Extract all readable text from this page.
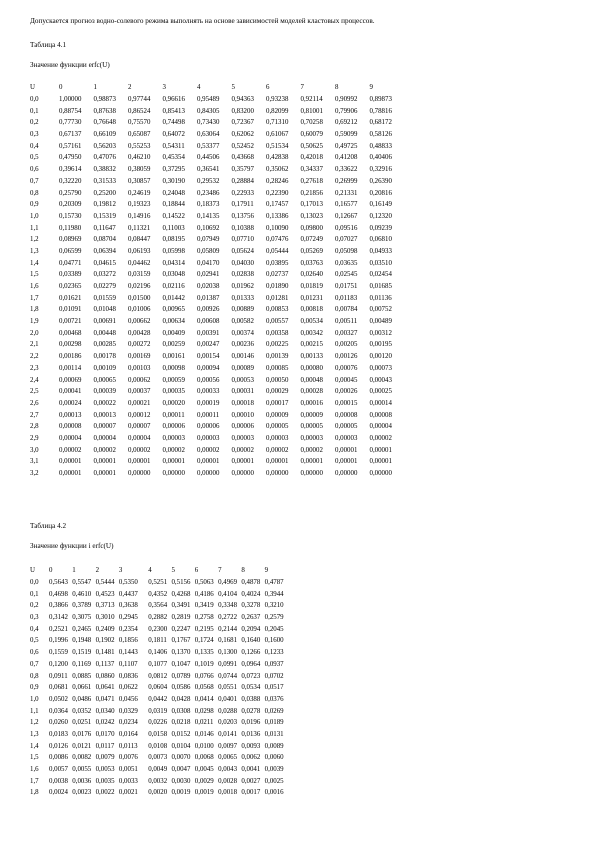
Допускается прогноз водно-солевого режима выполнять на основе зависимостей моделей кластовых процессов.
Таблица 4.1
Значение функции erfc(U)
U	0	1	2	3	4	5	6	7	8	9
0,0	1,00000	0,98873	0,97744	0,96616	0,95489	0,94363	0,93238	0,92114	0,90992	0,89873
0,1	0,88754	0,87638	0,86524	0,85413	0,84305	0,83200	0,82099	0,81001	0,79906	0,78816
0,2	0,77730	0,76648	0,75570	0,74498	0,73430	0,72367	0,71310	0,70258	0,69212	0,68172
0,3	0,67137	0,66109	0,65087	0,64072	0,63064	0,62062	0,61067	0,60079	0,59099	0,58126
0,4	0,57161	0,56203	0,55253	0,54311	0,53377	0,52452	0,51534	0,50625	0,49725	0,48833
0,5	0,47950	0,47076	0,46210	0,45354	0,44506	0,43668	0,42838	0,42018	0,41208	0,40406
0,6	0,39614	0,38832	0,38059	0,37295	0,36541	0,35797	0,35062	0,34337	0,33622	0,32916
0,7	0,32220	0,31533	0,30857	0,30190	0,29532	0,28884	0,28246	0,27618	0,26999	0,26390
0,8	0,25790	0,25200	0,24619	0,24048	0,23486	0,22933	0,22390	0,21856	0,21331	0,20816
0,9	0,20309	0,19812	0,19323	0,18844	0,18373	0,17911	0,17457	0,17013	0,16577	0,16149
1,0	0,15730	0,15319	0,14916	0,14522	0,14135	0,13756	0,13386	0,13023	0,12667	0,12320
1,1	0,11980	0,11647	0,11321	0,11003	0,10692	0,10388	0,10090	0,09800	0,09516	0,09239
1,2	0,08969	0,08704	0,08447	0,08195	0,07949	0,07710	0,07476	0,07249	0,07027	0,06810
1,3	0,06599	0,06394	0,06193	0,05998	0,05809	0,05624	0,05444	0,05269	0,05098	0,04933
1,4	0,04771	0,04615	0,04462	0,04314	0,04170	0,04030	0,03895	0,03763	0,03635	0,03510
1,5	0,03389	0,03272	0,03159	0,03048	0,02941	0,02838	0,02737	0,02640	0,02545	0,02454
1,6	0,02365	0,02279	0,02196	0,02116	0,02038	0,01962	0,01890	0,01819	0,01751	0,01685
1,7	0,01621	0,01559	0,01500	0,01442	0,01387	0,01333	0,01281	0,01231	0,01183	0,01136
1,8	0,01091	0,01048	0,01006	0,00965	0,00926	0,00889	0,00853	0,00818	0,00784	0,00752
1,9	0,00721	0,00691	0,00662	0,00634	0,00608	0,00582	0,00557	0,00534	0,00511	0,00489
2,0	0,00468	0,00448	0,00428	0,00409	0,00391	0,00374	0,00358	0,00342	0,00327	0,00312
2,1	0,00298	0,00285	0,00272	0,00259	0,00247	0,00236	0,00225	0,00215	0,00205	0,00195
2,2	0,00186	0,00178	0,00169	0,00161	0,00154	0,00146	0,00139	0,00133	0,00126	0,00120
2,3	0,00114	0,00109	0,00103	0,00098	0,00094	0,00089	0,00085	0,00080	0,00076	0,00073
2,4	0,00069	0,00065	0,00062	0,00059	0,00056	0,00053	0,00050	0,00048	0,00045	0,00043
2,5	0,00041	0,00039	0,00037	0,00035	0,00033	0,00031	0,00029	0,00028	0,00026	0,00025
2,6	0,00024	0,00022	0,00021	0,00020	0,00019	0,00018	0,00017	0,00016	0,00015	0,00014
2,7	0,00013	0,00013	0,00012	0,00011	0,00011	0,00010	0,00009	0,00009	0,00008	0,00008
2,8	0,00008	0,00007	0,00007	0,00006	0,00006	0,00006	0,00005	0,00005	0,00005	0,00004
2,9	0,00004	0,00004	0,00004	0,00003	0,00003	0,00003	0,00003	0,00003	0,00003	0,00002
3,0	0,00002	0,00002	0,00002	0,00002	0,00002	0,00002	0,00002	0,00002	0,00001	0,00001
3,1	0,00001	0,00001	0,00001	0,00001	0,00001	0,00001	0,00001	0,00001	0,00001	0,00001
3,2	0,00001	0,00001	0,00000	0,00000	0,00000	0,00000	0,00000	0,00000	0,00000	0,00000
Таблица 4.2
Значение функции i erfc(U)
U	0	1	2	3		4	5	6	7	8	9
0,0	0,5643	0,5547	0,5444	0,5350		0,5251	0,5156	0,5063	0,4969	0,4878	0,4787
0,1	0,4698	0,4610	0,4523	0,4437		0,4352	0,4268	0,4186	0,4104	0,4024	0,3944
0,2	0,3866	0,3789	0,3713	0,3638		0,3564	0,3491	0,3419	0,3348	0,3278	0,3210
0,3	0,3142	0,3075	0,3010	0,2945		0,2882	0,2819	0,2758	0,2722	0,2637	0,2579
0,4	0,2521	0,2465	0,2409	0,2354		0,2300	0,2247	0,2195	0,2144	0,2094	0,2045
0,5	0,1996	0,1948	0,1902	0,1856		0,1811	0,1767	0,1724	0,1681	0,1640	0,1600
0,6	0,1559	0,1519	0,1481	0,1443		0,1406	0,1370	0,1335	0,1300	0,1266	0,1233
0,7	0,1200	0,1169	0,1137	0,1107		0,1077	0,1047	0,1019	0,0991	0,0964	0,0937
0,8	0,0911	0,0885	0,0860	0,0836		0,0812	0,0789	0,0766	0,0744	0,0723	0,0702
0,9	0,0681	0,0661	0,0641	0,0622		0,0604	0,0586	0,0568	0,0551	0,0534	0,0517
1,0	0,0502	0,0486	0,0471	0,0456		0,0442	0,0428	0,0414	0,0401	0,0388	0,0376
1,1	0,0364	0,0352	0,0340	0,0329		0,0319	0,0308	0,0298	0,0288	0,0278	0,0269
1,2	0,0260	0,0251	0,0242	0,0234		0,0226	0,0218	0,0211	0,0203	0,0196	0,0189
1,3	0,0183	0,0176	0,0170	0,0164		0,0158	0,0152	0,0146	0,0141	0,0136	0,0131
1,4	0,0126	0,0121	0,0117	0,0113		0,0108	0,0104	0,0100	0,0097	0,0093	0,0089
1,5	0,0086	0,0082	0,0079	0,0076		0,0073	0,0070	0,0068	0,0065	0,0062	0,0060
1,6	0,0057	0,0055	0,0053	0,0051		0,0049	0,0047	0,0045	0,0043	0,0041	0,0039
1,7	0,0038	0,0036	0,0035	0,0033		0,0032	0,0030	0,0029	0,0028	0,0027	0,0025
1,8	0,0024	0,0023	0,0022	0,0021		0,0020	0,0019	0,0019	0,0018	0,0017	0,0016
